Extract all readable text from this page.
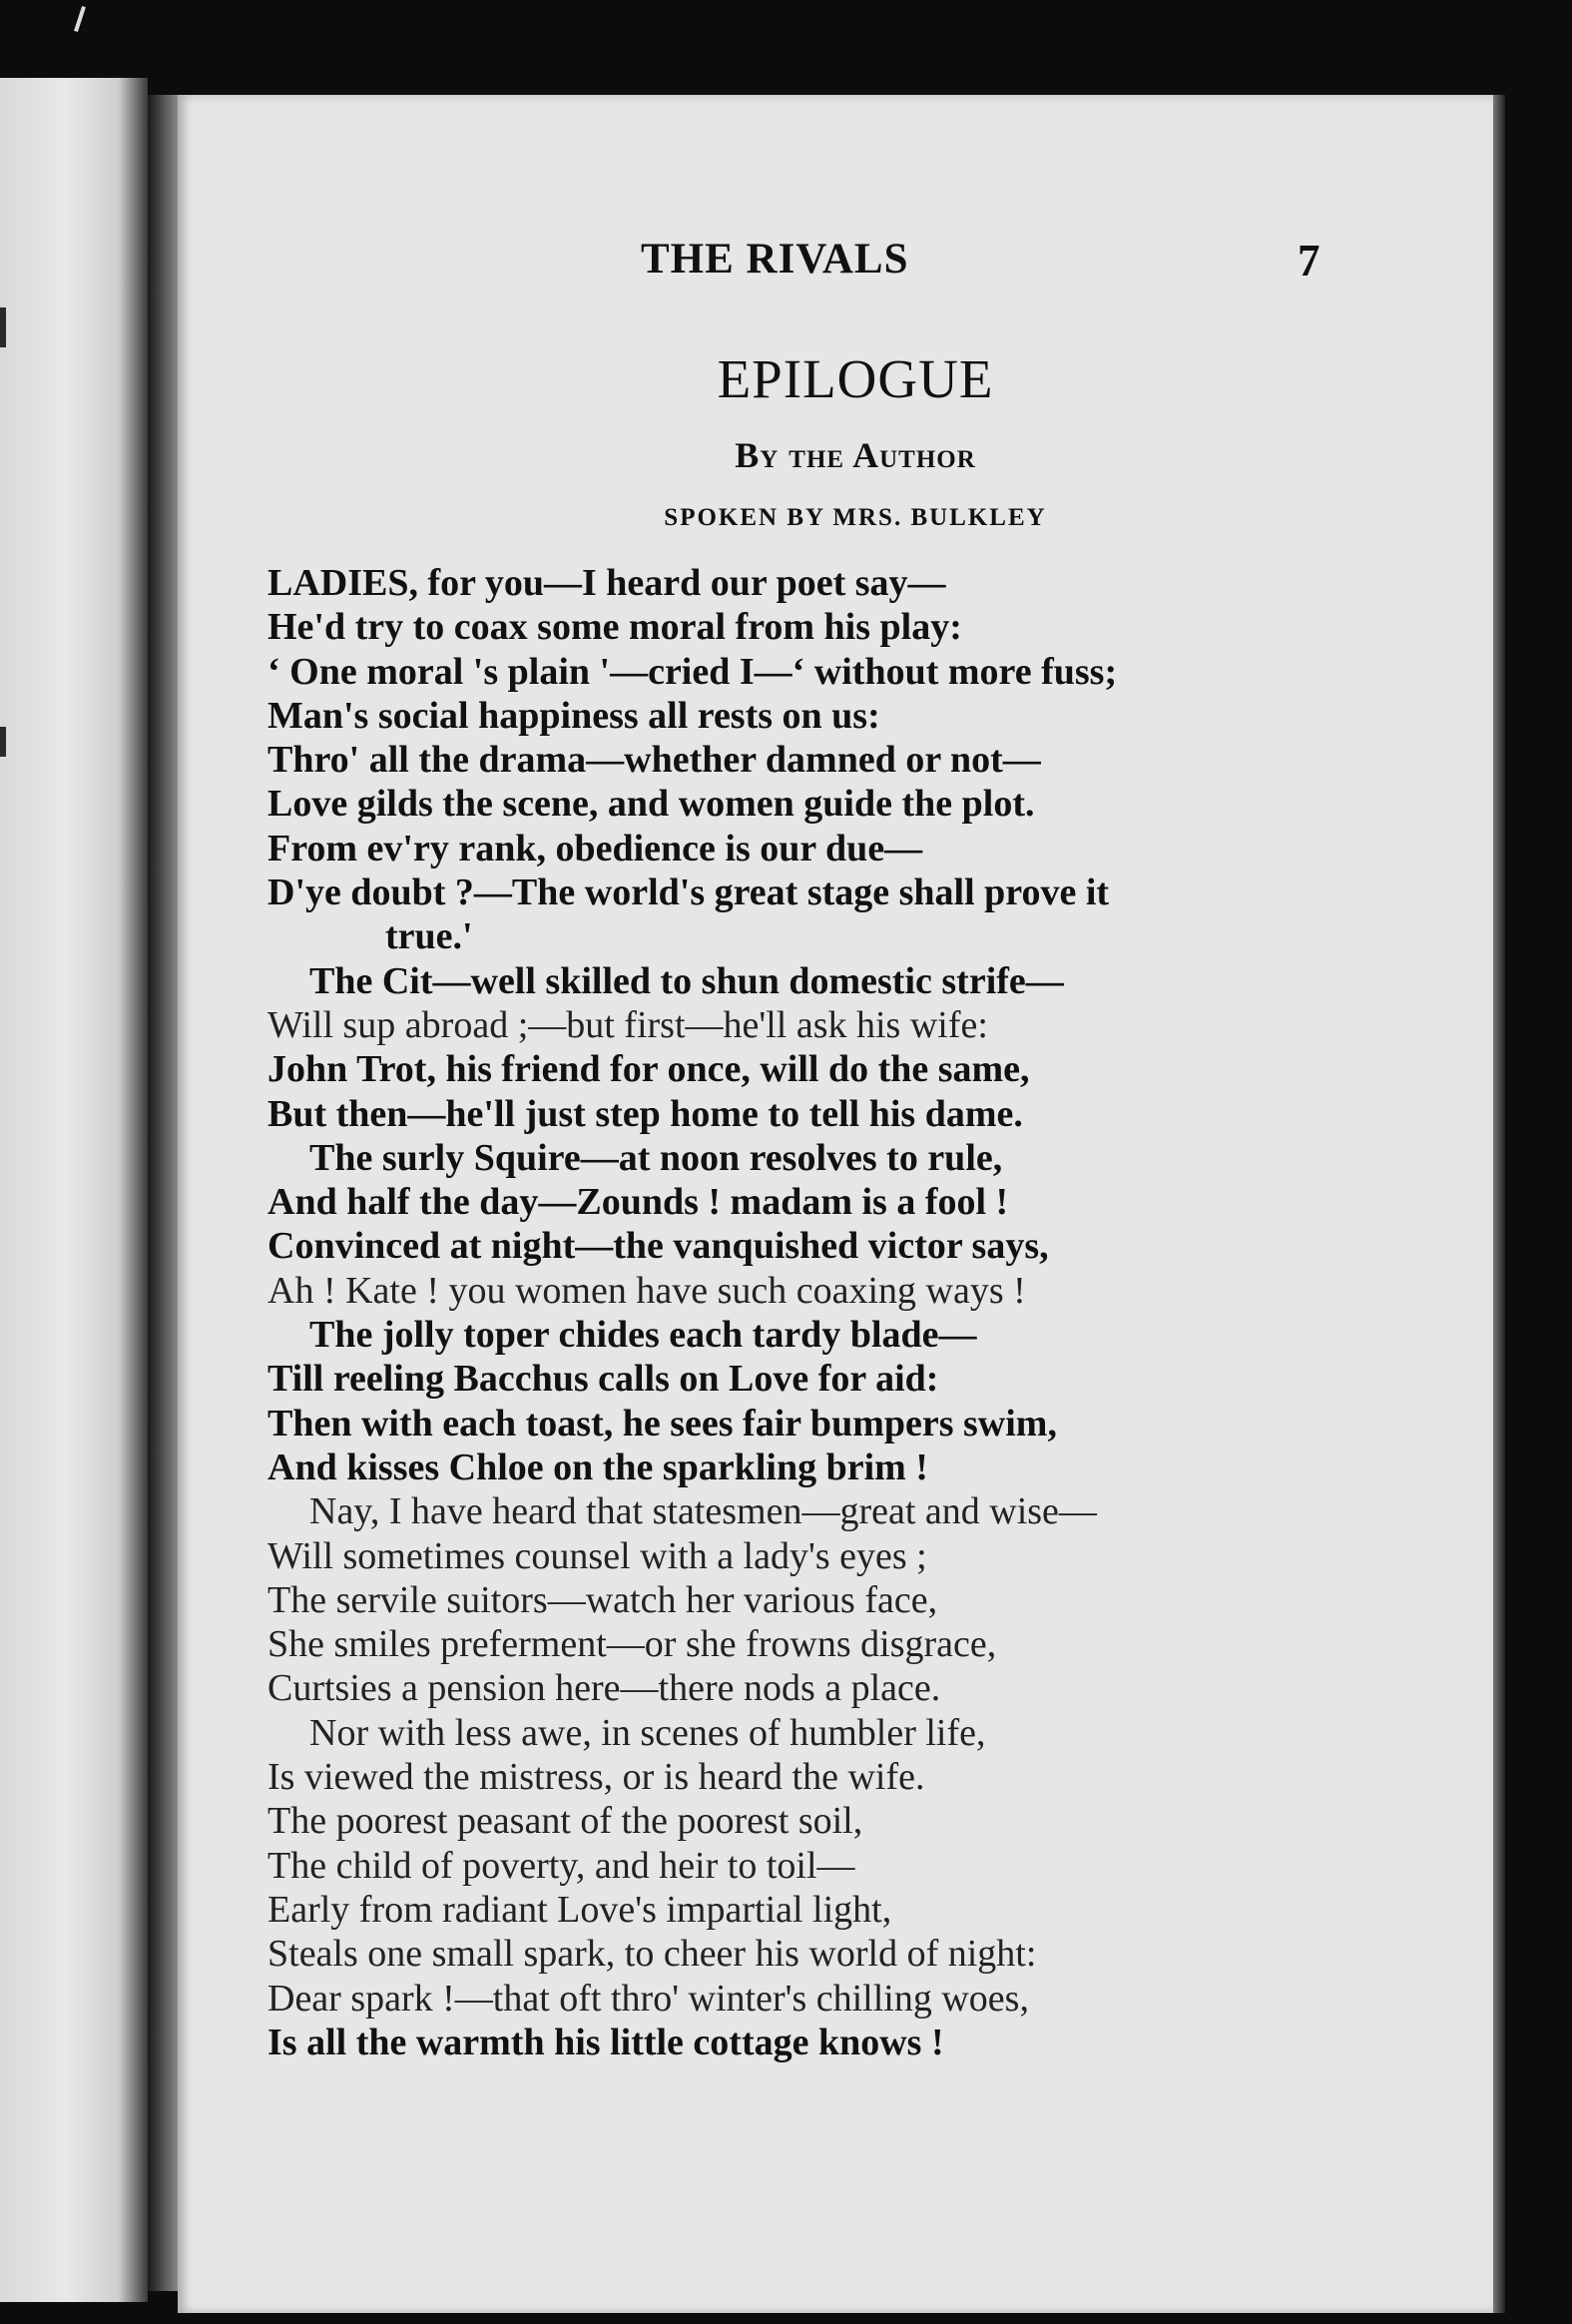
THE RIVALS	7
EPILOGUE
By the Author
SPOKEN BY MRS. BULKLEY
LADIES, for you—I heard our poet say—
He'd try to coax some moral from his play:
‘ One moral 's plain '—cried I—‘ without more fuss;
Man's social happiness all rests on us:
Thro' all the drama—whether damned or not—
Love gilds the scene, and women guide the plot.
From ev'ry rank, obedience is our due—
D'ye doubt ?—The world's great stage shall prove it
true.'
The Cit—well skilled to shun domestic strife—
Will sup abroad ;—but first—he'll ask his wife:
John Trot, his friend for once, will do the same,
But then—he'll just step home to tell his dame.
The surly Squire—at noon resolves to rule,
And half the day—Zounds ! madam is a fool !
Convinced at night—the vanquished victor says,
Ah ! Kate ! you women have such coaxing ways !
The jolly toper chides each tardy blade—
Till reeling Bacchus calls on Love for aid:
Then with each toast, he sees fair bumpers swim,
And kisses Chloe on the sparkling brim !
Nay, I have heard that statesmen—great and wise—
Will sometimes counsel with a lady's eyes ;
The servile suitors—watch her various face,
She smiles preferment—or she frowns disgrace,
Curtsies a pension here—there nods a place.
Nor with less awe, in scenes of humbler life,
Is viewed the mistress, or is heard the wife.
The poorest peasant of the poorest soil,
The child of poverty, and heir to toil—
Early from radiant Love's impartial light,
Steals one small spark, to cheer his world of night:
Dear spark !—that oft thro' winter's chilling woes,
Is all the warmth his little cottage knows !
